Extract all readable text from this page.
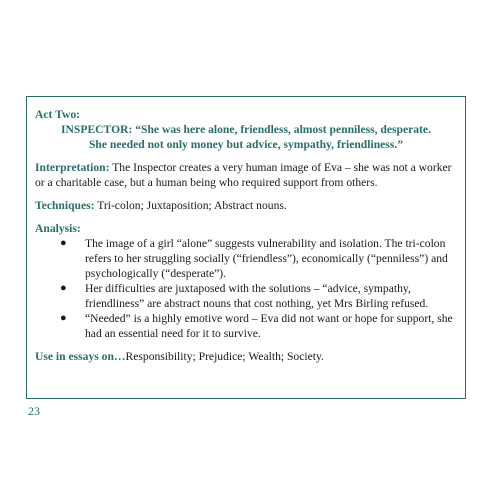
Act Two:

INSPECTOR: “She was here alone, friendless, almost penniless, desperate.
She needed not only money but advice, sympathy, friendliness.”

Interpretation: The Inspector creates a very human image of Eva – she was not a worker or a charitable case, but a human being who required support from others.

Techniques: Tri-colon; Juxtaposition; Abstract nouns.

Analysis:

● The image of a girl “alone” suggests vulnerability and isolation. The tri-colon refers to her struggling socially (“friendless”), economically (“penniless”) and psychologically (“desperate”).
● Her difficulties are juxtaposed with the solutions – “advice, sympathy, friendliness” are abstract nouns that cost nothing, yet Mrs Birling refused.
● “Needed” is a highly emotive word – Eva did not want or hope for support, she had an essential need for it to survive.

Use in essays on…Responsibility; Prejudice; Wealth; Society.

23
